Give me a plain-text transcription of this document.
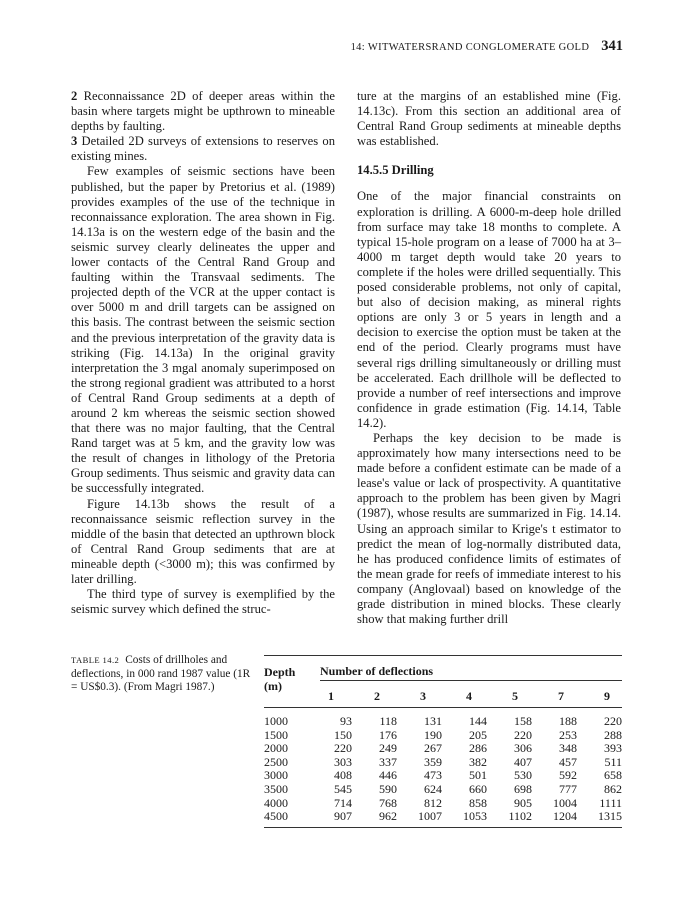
14: WITWATERSRAND CONGLOMERATE GOLD 341

2 Reconnaissance 2D of deeper areas within the basin where targets might be upthrown to mineable depths by faulting.

3 Detailed 2D surveys of extensions to reserves on existing mines.

Few examples of seismic sections have been published, but the paper by Pretorius et al. (1989) provides examples of the use of the technique in reconnaissance exploration. The area shown in Fig. 14.13a is on the western edge of the basin and the seismic survey clearly delineates the upper and lower contacts of the Central Rand Group and faulting within the Transvaal sediments. The projected depth of the VCR at the upper contact is over 5000 m and drill targets can be assigned on this basis. The contrast between the seismic section and the previous interpretation of the gravity data is striking (Fig. 14.13a) In the original gravity interpretation the 3 mgal anomaly superimposed on the strong regional gradient was attributed to a horst of Central Rand Group sediments at a depth of around 2 km whereas the seismic section showed that there was no major faulting, that the Central Rand target was at 5 km, and the gravity low was the result of changes in lithology of the Pretoria Group sediments. Thus seismic and gravity data can be successfully integrated.

Figure 14.13b shows the result of a reconnaissance seismic reflection survey in the middle of the basin that detected an upthrown block of Central Rand Group sediments that are at mineable depth (<3000 m); this was confirmed by later drilling.

The third type of survey is exemplified by the seismic survey which defined the struc-

ture at the margins of an established mine (Fig. 14.13c). From this section an additional area of Central Rand Group sediments at mineable depths was established.

14.5.5 Drilling

One of the major financial constraints on exploration is drilling. A 6000-m-deep hole drilled from surface may take 18 months to complete. A typical 15-hole program on a lease of 7000 ha at 3–4000 m target depth would take 20 years to complete if the holes were drilled sequentially. This posed considerable problems, not only of capital, but also of decision making, as mineral rights options are only 3 or 5 years in length and a decision to exercise the option must be taken at the end of the period. Clearly programs must have several rigs drilling simultaneously or drilling must be accelerated. Each drillhole will be deflected to provide a number of reef intersections and improve confidence in grade estimation (Fig. 14.14, Table 14.2).

Perhaps the key decision to be made is approximately how many intersections need to be made before a confident estimate can be made of a lease's value or lack of prospectivity. A quantitative approach to the problem has been given by Magri (1987), whose results are summarized in Fig. 14.14. Using an approach similar to Krige's t estimator to predict the mean of log-normally distributed data, he has produced confidence limits of estimates of the mean grade for reefs of immediate interest to his company (Anglovaal) based on knowledge of the grade distribution in mined blocks. These clearly show that making further drill

TABLE 14.2 Costs of drillholes and deflections, in 000 rand 1987 value (1R = US$0.3). (From Magri 1987.)
Depth (m)
Number of deflections
1	2	3	4	5	7	9
1000	93	118	131	144	158	188	220
1500	150	176	190	205	220	253	288
2000	220	249	267	286	306	348	393
2500	303	337	359	382	407	457	511
3000	408	446	473	501	530	592	658
3500	545	590	624	660	698	777	862
4000	714	768	812	858	905	1004	1111
4500	907	962	1007	1053	1102	1204	1315
